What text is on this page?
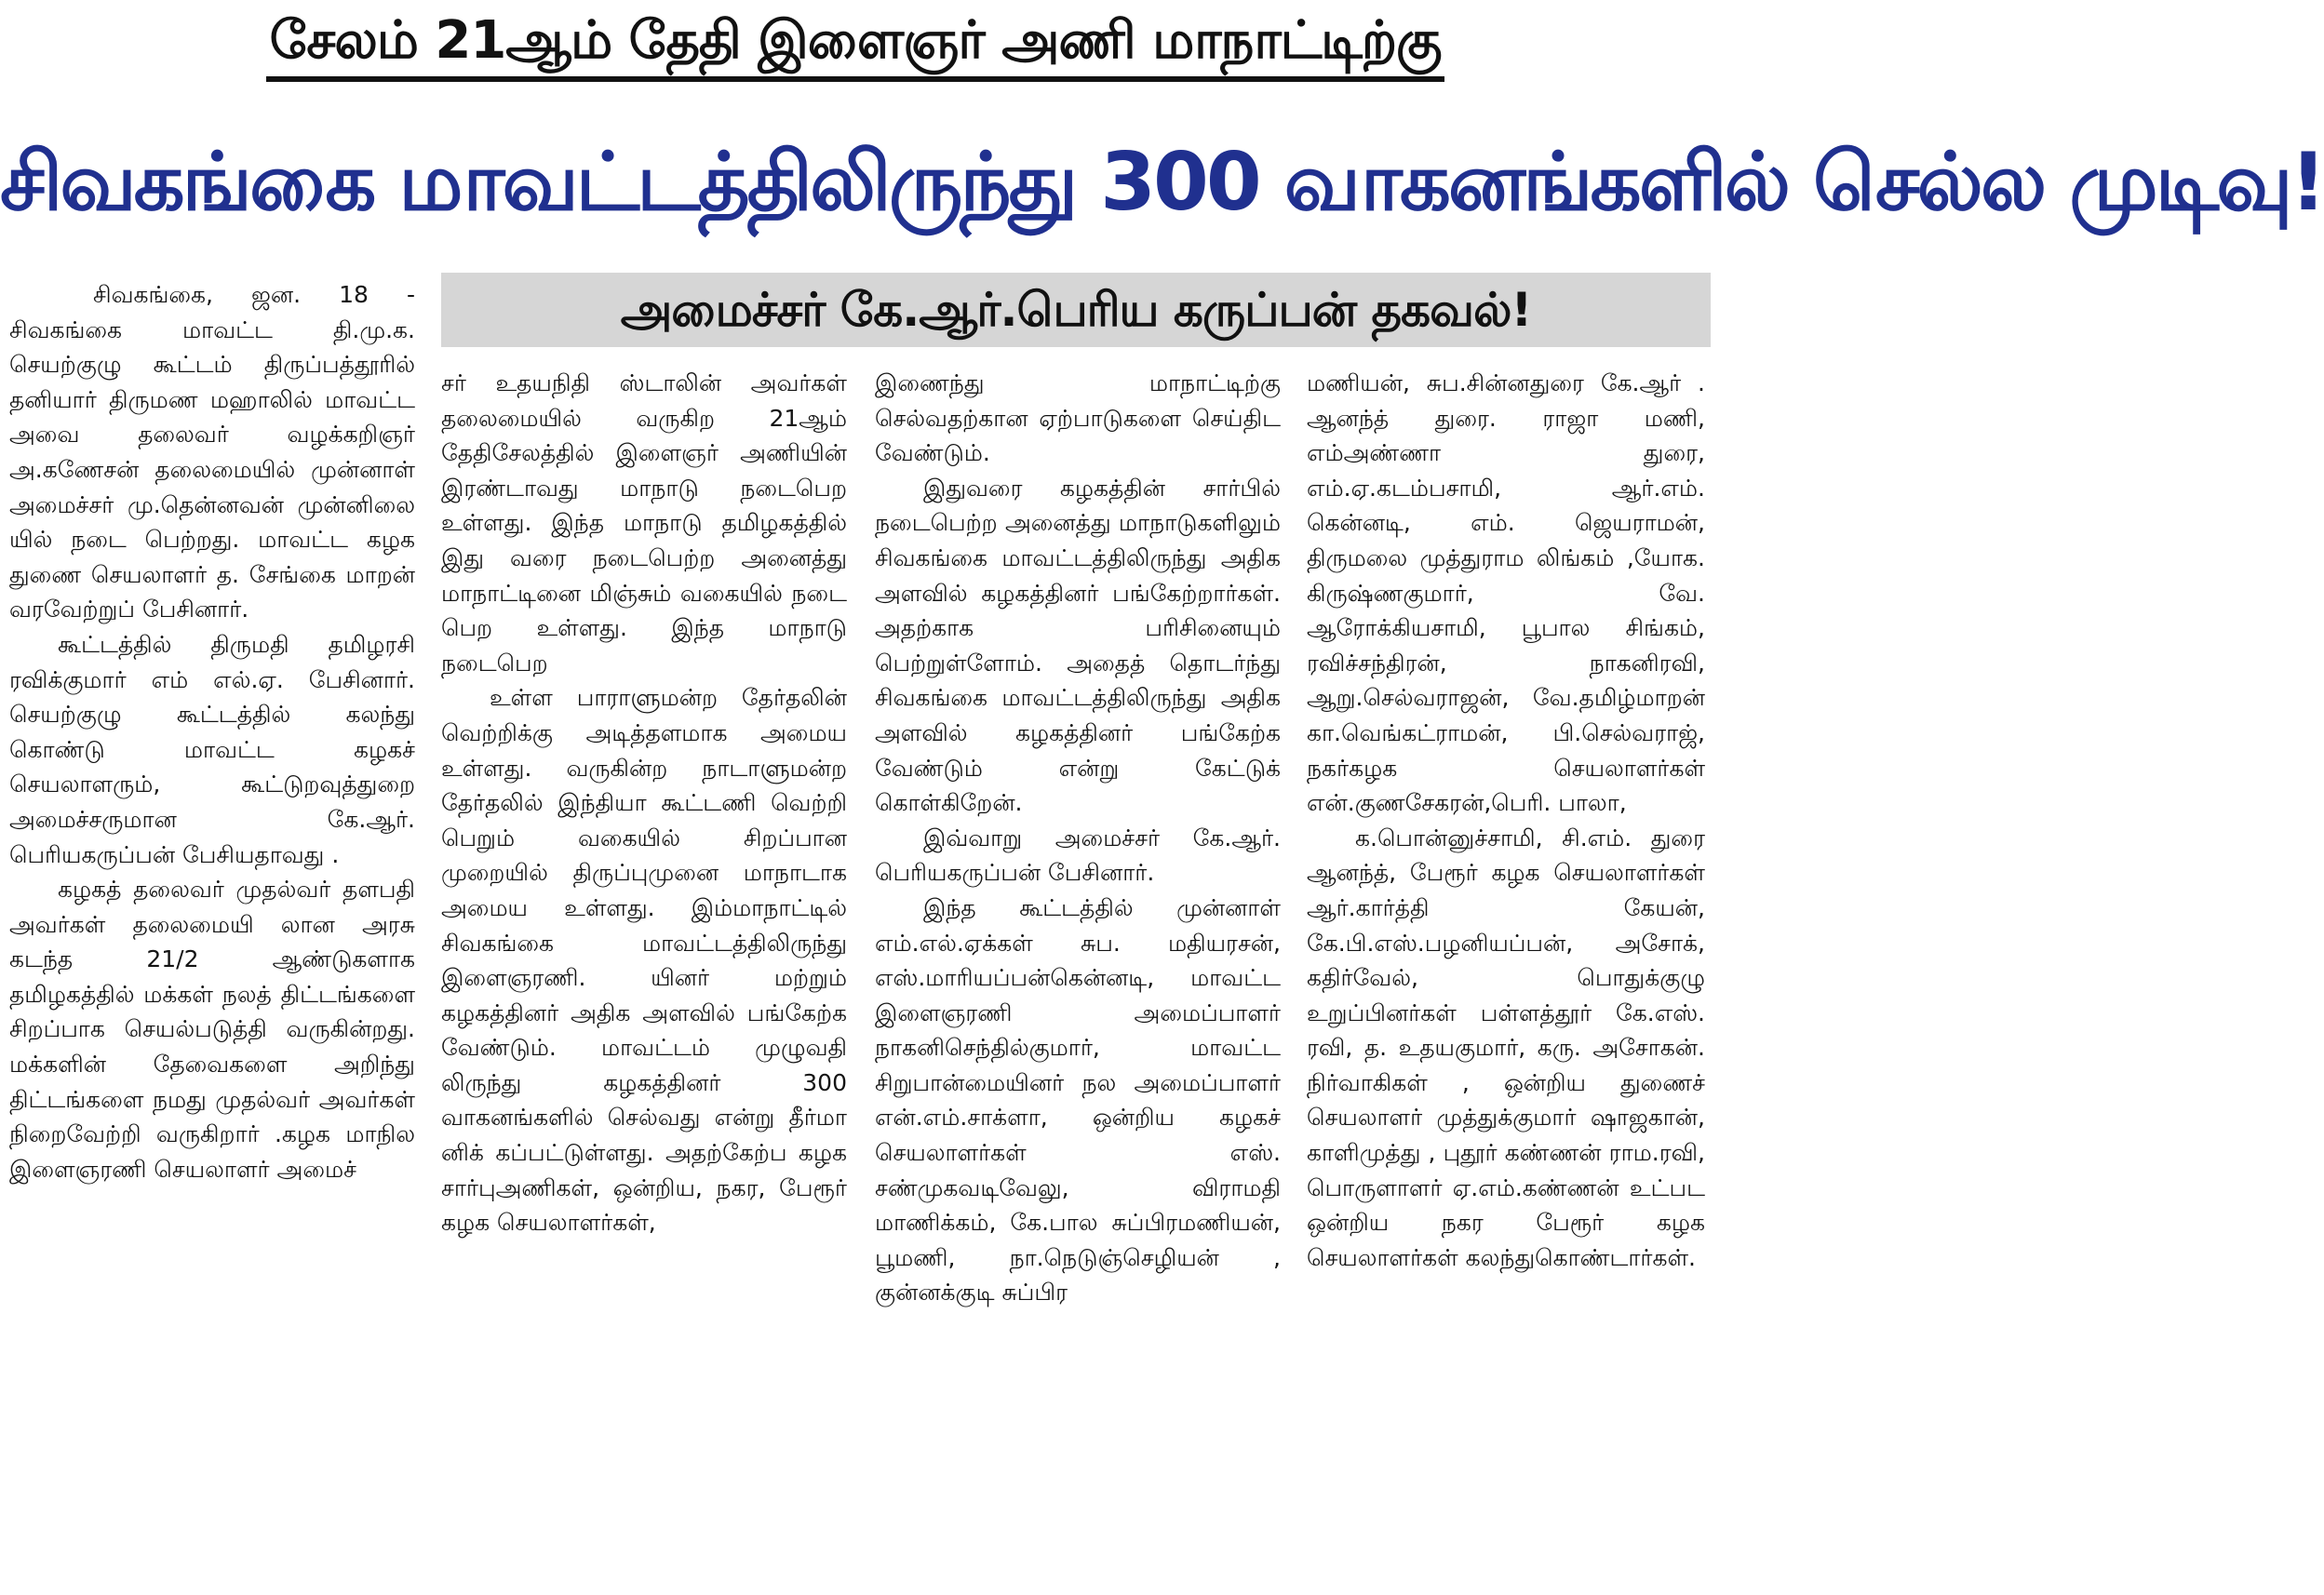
சேலம் 21ஆம் தேதி இளைஞர் அணி மாநாட்டிற்கு
சிவகங்கை மாவட்டத்திலிருந்து 300 வாகனங்களில் செல்ல முடிவு!
அமைச்சர் கே.ஆர்.பெரிய கருப்பன் தகவல்!

சிவகங்கை, ஜன. 18 - சிவகங்கை மாவட்ட தி.மு.க. செயற்குழு கூட்டம் திருப்பத்தூரில் தனியார் திருமண மஹாலில் மாவட்ட அவை தலைவர் வழக்கறிஞர் அ.கணேசன் தலைமையில் முன்னாள் அமைச்சர் மு.தென்னவன் முன்னிலை யில் நடை பெற்றது. மாவட்ட கழக துணை செயலாளர் த. சேங்கை மாறன் வரவேற்றுப் பேசினார்.

கூட்டத்தில் திருமதி தமிழரசி ரவிக்குமார் எம் எல்.ஏ. பேசினார். செயற்குழு கூட்டத்தில் கலந்து கொண்டு மாவட்ட கழகச் செயலாளரும், கூட்டுறவுத்துறை அமைச்சருமான கே.ஆர். பெரியகருப்பன் பேசியதாவது .

கழகத் தலைவர் முதல்வர் தளபதி அவர்கள் தலைமையி லான அரசு கடந்த 21/2 ஆண்டுகளாக தமிழகத்தில் மக்கள் நலத் திட்டங்களை சிறப்பாக செயல்படுத்தி வருகின்றது. மக்களின் தேவைகளை அறிந்து திட்டங்களை நமது முதல்வர் அவர்கள் நிறைவேற்றி வருகிறார் .கழக மாநில இளைஞரணி செயலாளர் அமைச்

சர் உதயநிதி ஸ்டாலின் அவர்கள் தலைமையில் வருகிற 21ஆம் தேதிசேலத்தில் இளைஞர் அணியின் இரண்டாவது மாநாடு நடைபெற உள்ளது. இந்த மாநாடு தமிழகத்தில் இது வரை நடைபெற்ற அனைத்து மாநாட்டினை மிஞ்சும் வகையில் நடை பெற உள்ளது. இந்த மாநாடு நடைபெற

உள்ள பாராளுமன்ற தேர்தலின் வெற்றிக்கு அடித்தளமாக அமைய உள்ளது. வருகின்ற நாடாளுமன்ற தேர்தலில் இந்தியா கூட்டணி வெற்றி பெறும் வகையில் சிறப்பான முறையில் திருப்புமுனை மாநாடாக அமைய உள்ளது. இம்மாநாட்டில் சிவகங்கை மாவட்டத்திலிருந்து இளைஞரணி. யினர் மற்றும் கழகத்தினர் அதிக அளவில் பங்கேற்க வேண்டும். மாவட்டம் முழுவதி லிருந்து கழகத்தினர் 300 வாகனங்களில் செல்வது என்று தீர்மா னிக் கப்பட்டுள்ளது. அதற்கேற்ப கழக சார்புஅணிகள், ஒன்றிய, நகர, பேரூர் கழக செயலாளர்கள்,

இணைந்து மாநாட்டிற்கு செல்வதற்கான ஏற்பாடுகளை செய்திட வேண்டும்.

இதுவரை கழகத்தின் சார்பில் நடைபெற்ற அனைத்து மாநாடுகளிலும் சிவகங்கை மாவட்டத்திலிருந்து அதிக அளவில் கழகத்தினர் பங்கேற்றார்கள். அதற்காக பரிசினையும் பெற்றுள்ளோம். அதைத் தொடர்ந்து சிவகங்கை மாவட்டத்திலிருந்து அதிக அளவில் கழகத்தினர் பங்கேற்க வேண்டும் என்று கேட்டுக் கொள்கிறேன்.

இவ்வாறு அமைச்சர் கே.ஆர். பெரியகருப்பன் பேசினார்.

இந்த கூட்டத்தில் முன்னாள் எம்.எல்.ஏக்கள் சுப. மதியரசன், எஸ்.மாரியப்பன்கென்னடி, மாவட்ட இளைஞரணி அமைப்பாளர் நாகனிசெந்தில்குமார், மாவட்ட சிறுபான்மையினர் நல அமைப்பாளர் என்.எம்.சாக்ளா, ஒன்றிய கழகச் செயலாளர்கள் எஸ். சண்முகவடிவேலு, விராமதி மாணிக்கம், கே.பால சுப்பிரமணியன், பூமணி, நா.நெடுஞ்செழியன் , குன்னக்குடி சுப்பிர

மணியன், சுப.சின்னதுரை கே.ஆர் . ஆனந்த் துரை. ராஜா மணி, எம்அண்ணா துரை, எம்.ஏ.கடம்பசாமி, ஆர்.எம். கென்னடி, எம். ஜெயராமன், திருமலை முத்துராம லிங்கம் ,யோக. கிருஷ்ணகுமார், வே. ஆரோக்கியசாமி, பூபால சிங்கம், ரவிச்சந்திரன், நாகனிரவி, ஆறு.செல்வராஜன், வே.தமிழ்மாறன் கா.வெங்கட்ராமன், பி.செல்வராஜ், நகர்கழக செயலாளர்கள் என்.குணசேகரன்,பெரி. பாலா,

க.பொன்னுச்சாமி, சி.எம். துரை ஆனந்த், பேரூர் கழக செயலாளர்கள் ஆர்.கார்த்தி கேயன், கே.பி.எஸ்.பழனியப்பன், அசோக், கதிர்வேல், பொதுக்குழு உறுப்பினர்கள் பள்ளத்தூர் கே.எஸ். ரவி, த. உதயகுமார், கரு. அசோகன். நிர்வாகிகள் , ஒன்றிய துணைச் செயலாளர் முத்துக்குமார் ஷாஜகான், காளிமுத்து , புதூர் கண்ணன் ராம.ரவி, பொருளாளர் ஏ.எம்.கண்ணன் உட்பட ஒன்றிய நகர பேரூர் கழக செயலாளர்கள் கலந்துகொண்டார்கள்.
